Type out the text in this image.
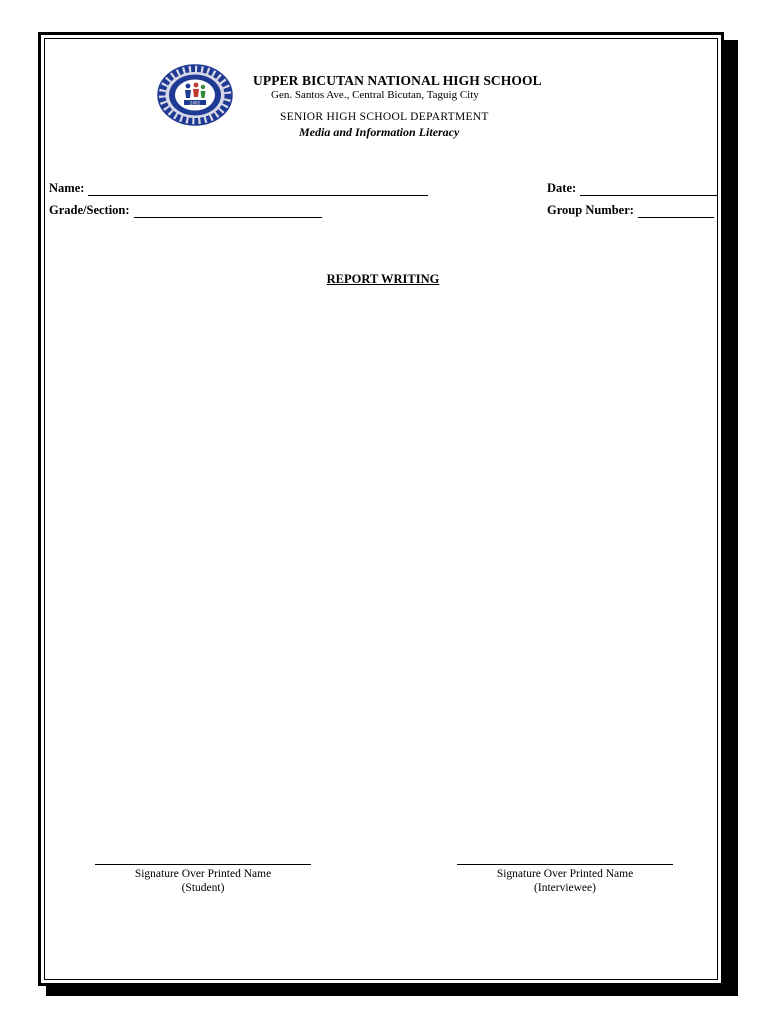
2002
UPPER BICUTAN NATIONAL HIGH SCHOOL
Gen. Santos Ave., Central Bicutan, Taguig City
SENIOR HIGH SCHOOL DEPARTMENT
Media and Information Literacy
Name:	Date:
Grade/Section:	Group Number:
REPORT WRITING
Signature Over Printed Name
(Student)
Signature Over Printed Name
(Interviewee)
